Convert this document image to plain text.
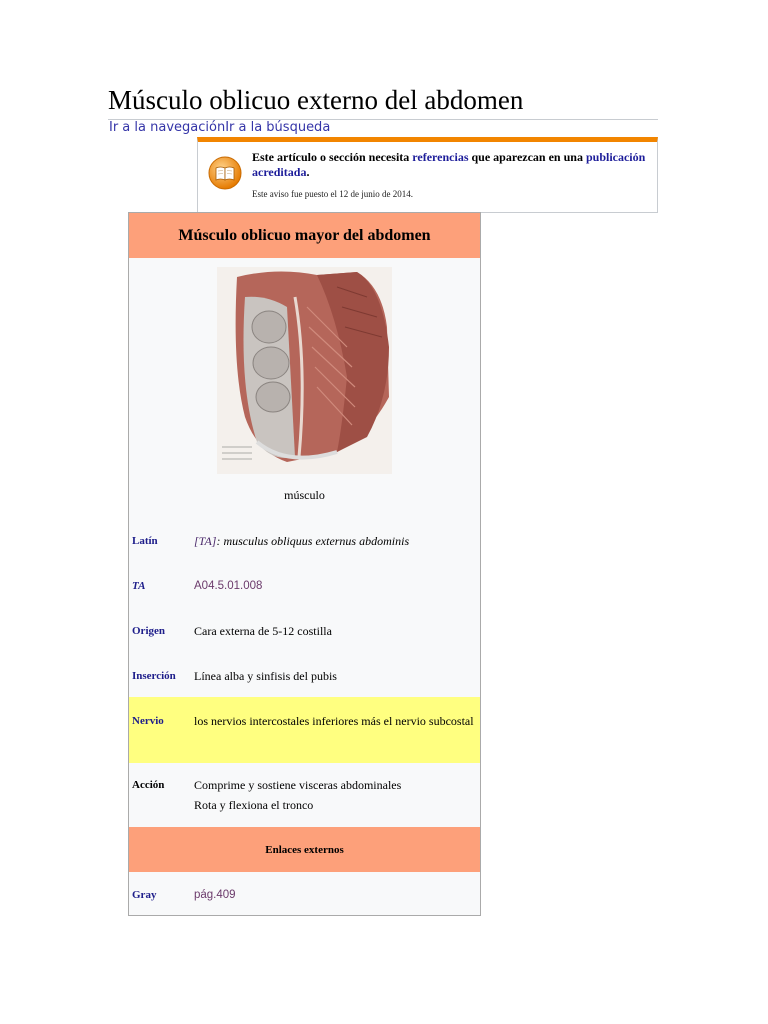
Músculo oblicuo externo del abdomen
Ir a la navegaciónIr a la búsqueda
Este artículo o sección necesita referencias que aparezcan en una publicación acreditada.
Este aviso fue puesto el 12 de junio de 2014.
Músculo oblicuo mayor del abdomen
músculo
Latín	[TA]: musculus obliquus externus abdominis
TA	A04.5.01.008
Origen Cara externa de 5-12 costilla
Inserción Línea alba y sinfisis del pubis
Nervio	los nervios intercostales inferiores más el nervio subcostal
Acción Comprime y sostiene visceras abdominales
Rota y flexiona el tronco
Enlaces externos
Gray	pág.409
